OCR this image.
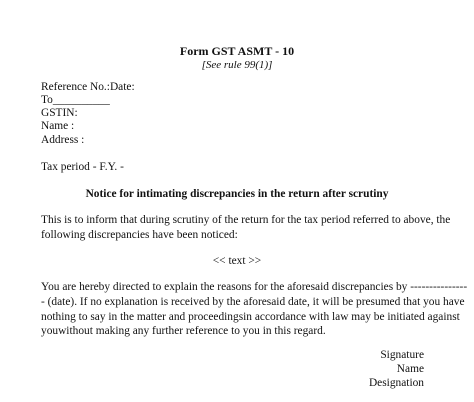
Form GST ASMT - 10
[See rule 99(1)]
Reference No.:Date:
To__________
GSTIN:
Name :
Address :
Tax period - F.Y. -
Notice for intimating discrepancies in the return after scrutiny
This is to inform that during scrutiny of the return for the tax period referred to above, the
following discrepancies have been noticed:
<< text >>
You are hereby directed to explain the reasons for the aforesaid discrepancies by ---------------
- (date). If no explanation is received by the aforesaid date, it will be presumed that you have
nothing to say in the matter and proceedingsin accordance with law may be initiated against
youwithout making any further reference to you in this regard.
Signature
Name
Designation
